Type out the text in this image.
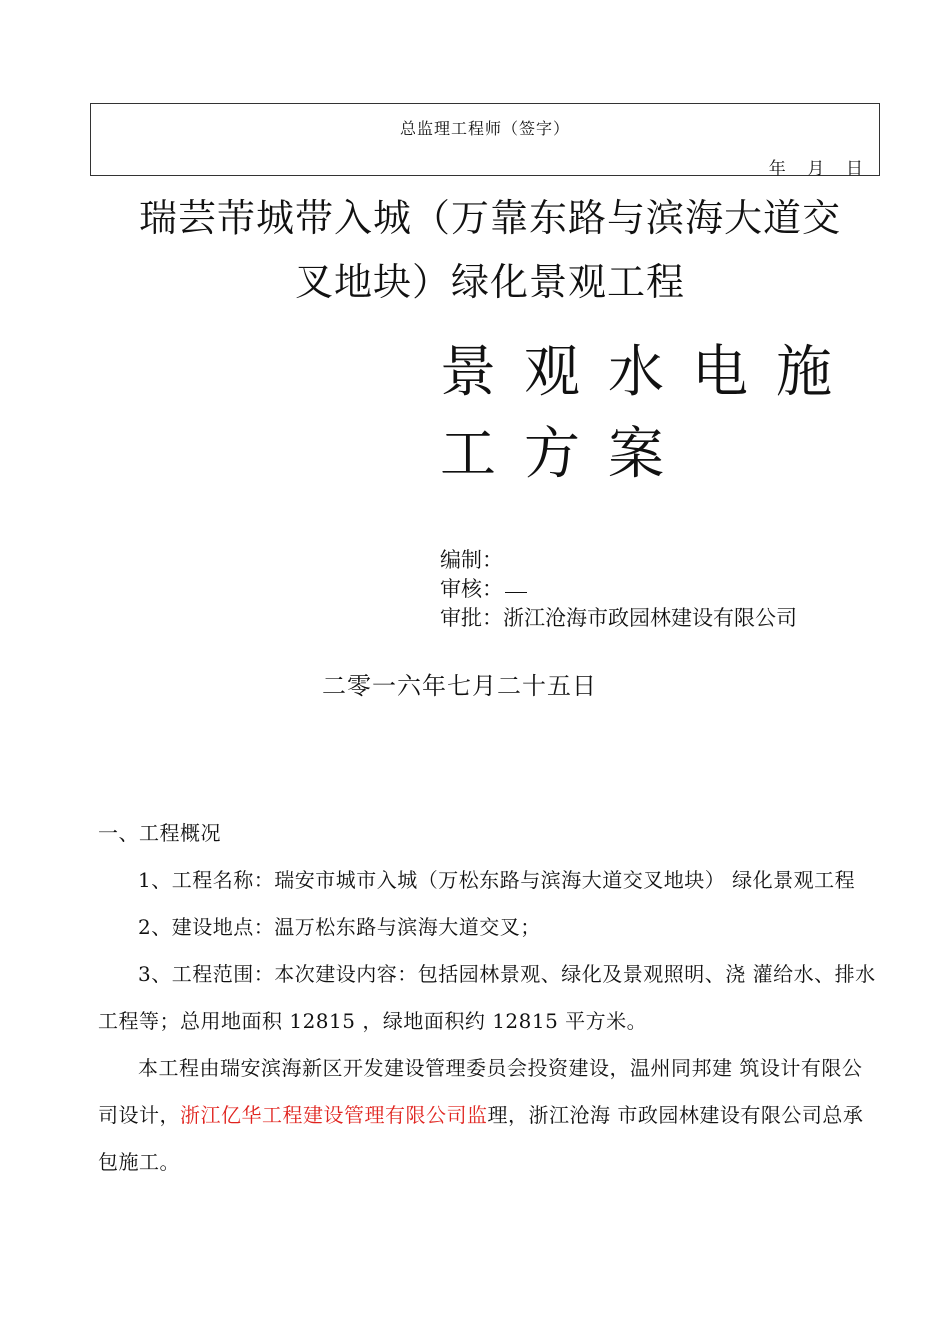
总监理工程师（签字）
年    月    日
瑞芸芾城带入城（万靠东路与滨海大道交
叉地块）绿化景观工程
景观水电施
工方案
编制：
审核：
审批：浙江沧海市政园林建设有限公司
二零一六年七月二十五日

一、工程概况

1、工程名称：瑞安市城市入城（万松东路与滨海大道交叉地块） 绿化景观工程

2、建设地点：温万松东路与滨海大道交叉；

3、工程范围：本次建设内容：包括园林景观、绿化及景观照明、浇 灌给水、排水工程等；总用地面积 12815 ，绿地面积约 12815 平方米。

本工程由瑞安滨海新区开发建设管理委员会投资建设，温州同邦建 筑设计有限公司设计，浙江亿华工程建设管理有限公司监理，浙江沧海 市政园林建设有限公司总承包施工。
